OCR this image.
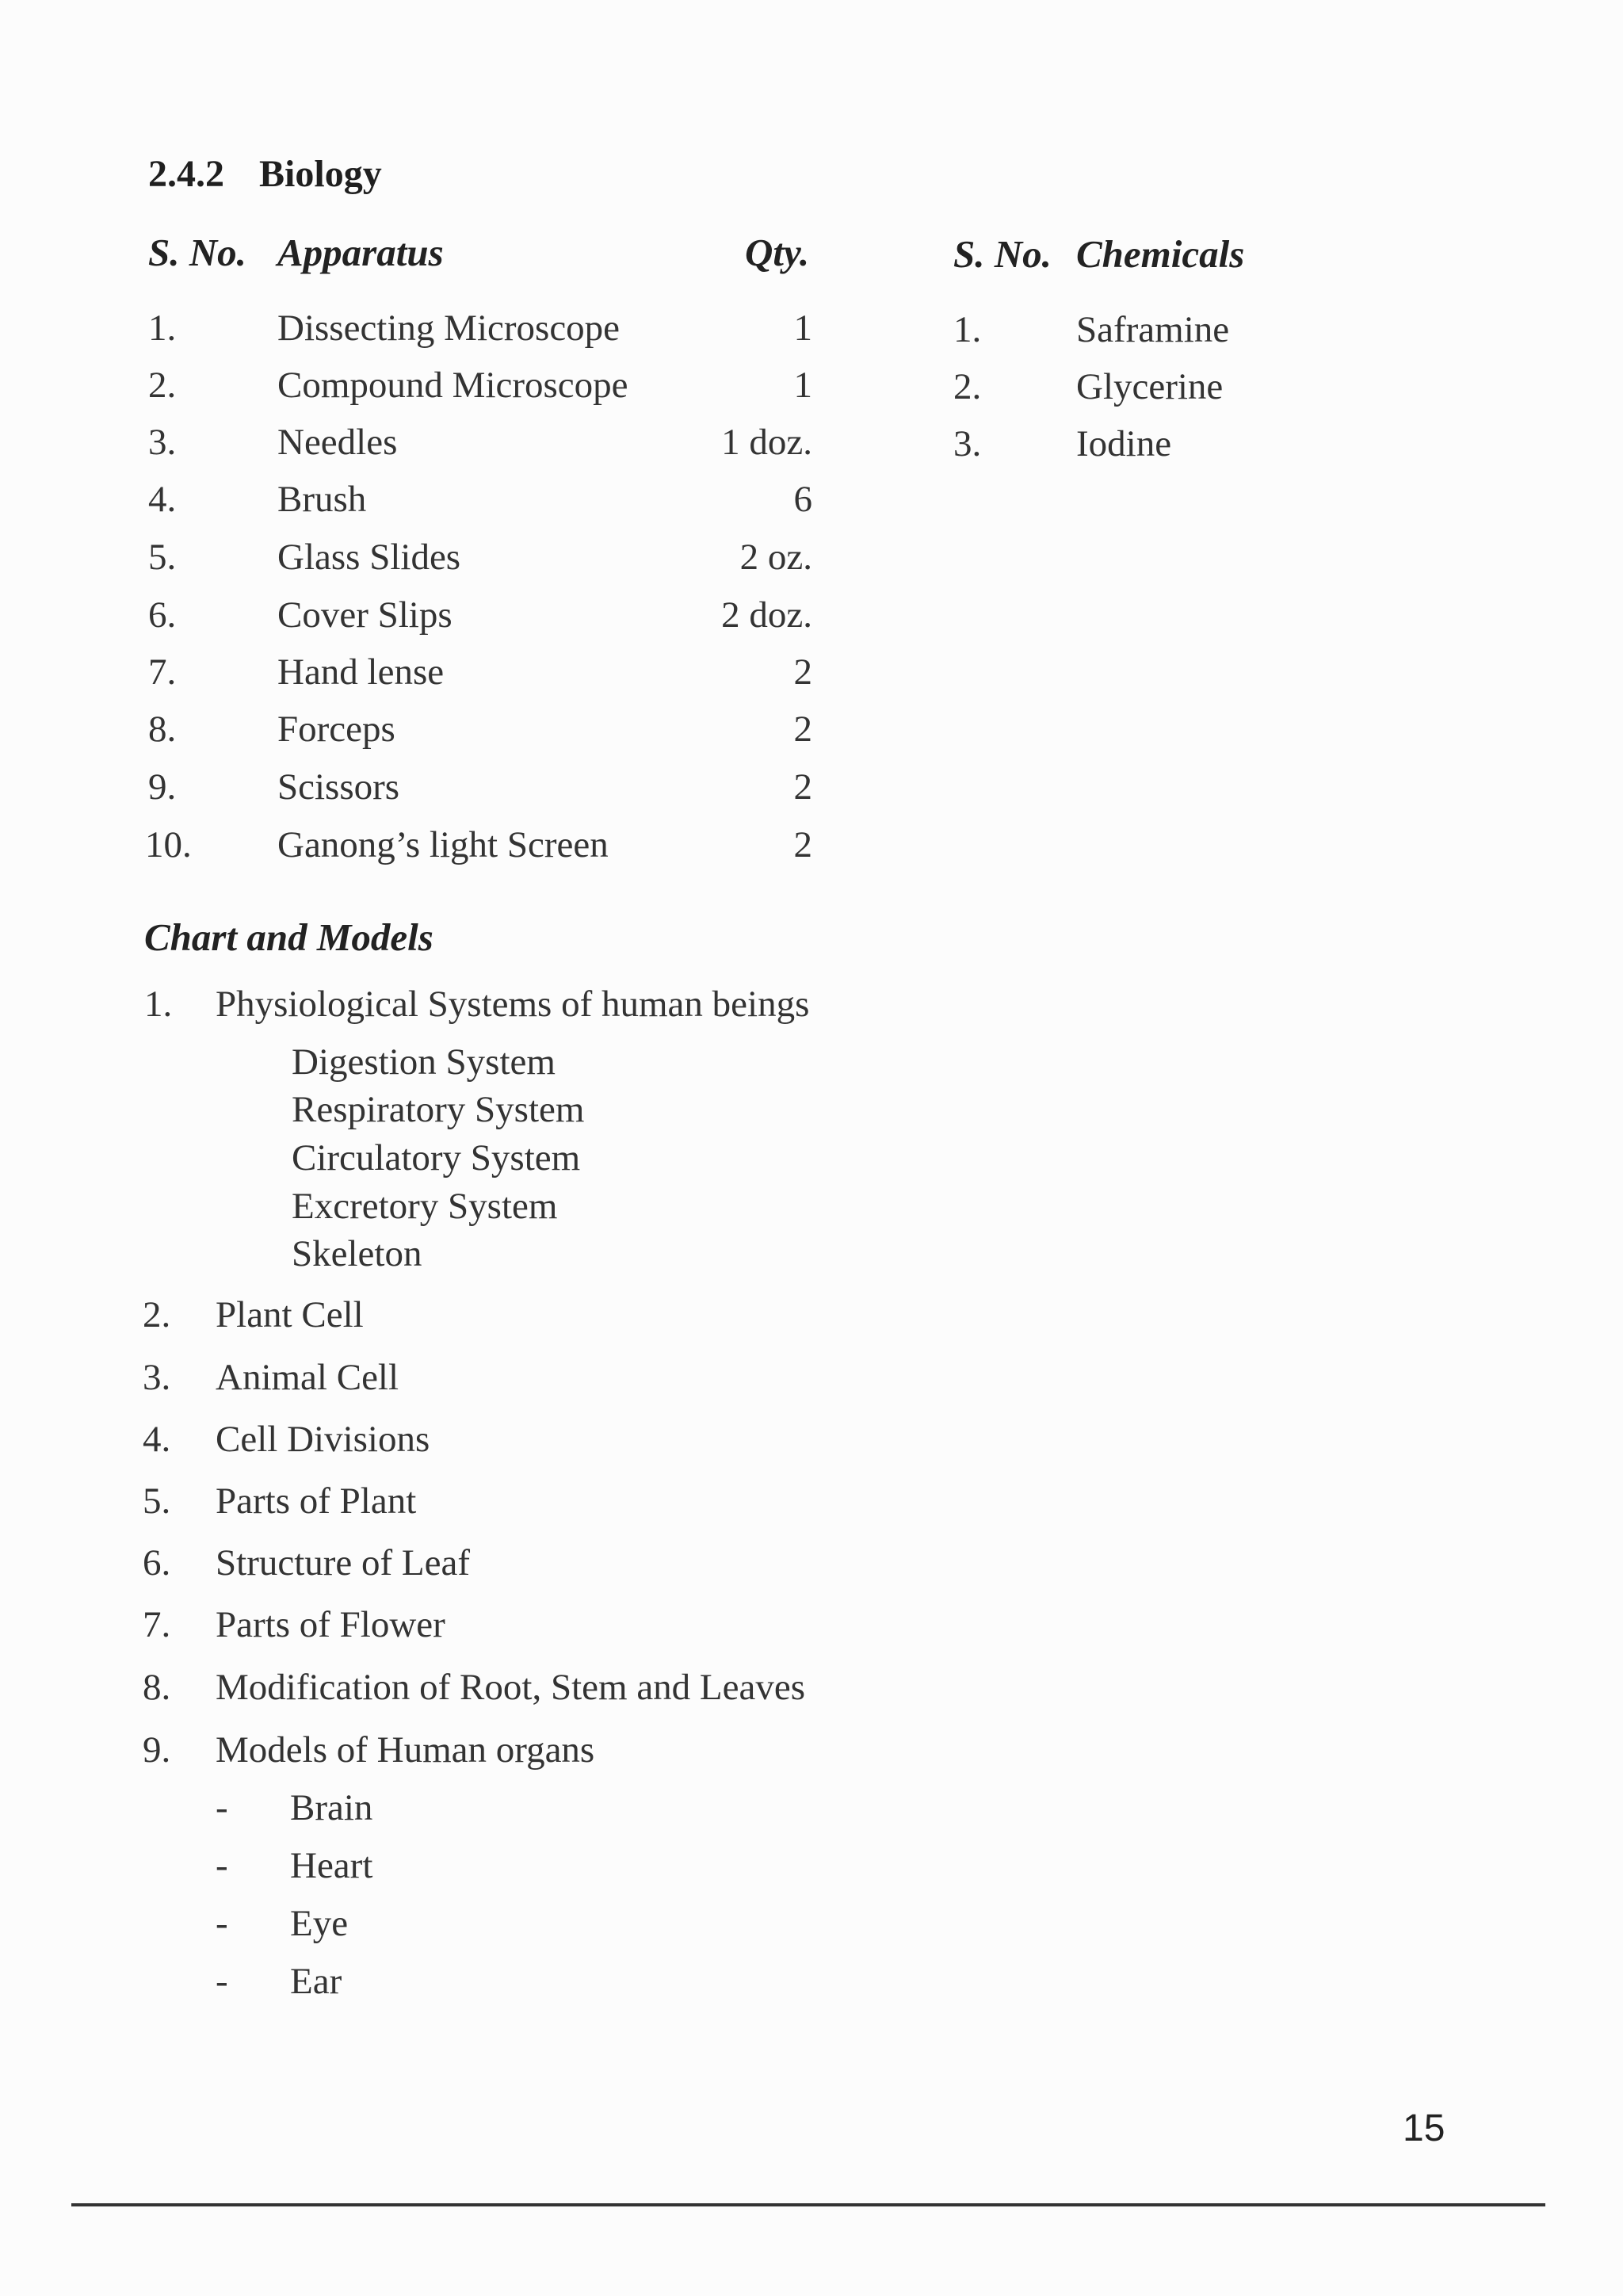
2.4.2 Biology
S. No. Apparatus	Qty.	S. No. Chemicals
1.	Dissecting Microscope	1
2.	Compound Microscope	1
3.	Needles	1 doz.
4.	Brush	6
5.	Glass Slides	2 oz.
6.	Cover Slips	2 doz.
7.	Hand lense	2
8.	Forceps	2
9.	Scissors	2
10. Ganong’s light Screen	2
1.	Saframine
2.	Glycerine
3.	Iodine
Chart and Models
1. Physiological Systems of human beings
Digestion System
Respiratory System
Circulatory System
Excretory System
Skeleton
2. Plant Cell
3. Animal Cell
4. Cell Divisions
5. Parts of Plant
6. Structure of Leaf
7. Parts of Flower
8. Modification of Root, Stem and Leaves
9. Models of Human organs
- Brain
- Heart
- Eye
- Ear
15
